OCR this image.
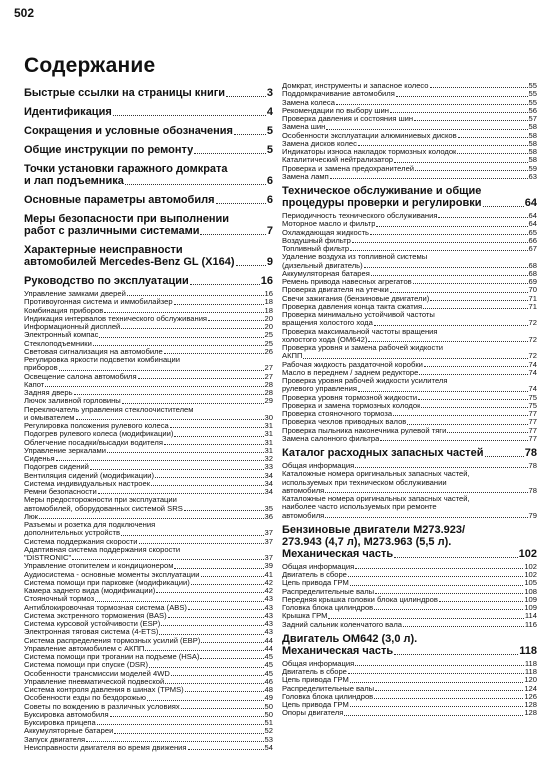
502
Содержание
Быстрые ссылки на страницы книги	3
Идентификация	4
Сокращения и условные обозначения	5
Общие инструкции по ремонту	5
Точки установки гаражного домкрата
и лап подъемника	6
Основные параметры автомобиля	6
Меры безопасности при выполнении
работ с различными системами	7
Характерные неисправности
автомобилей Mercedes-Benz GL (X164)	9
Руководство по эксплуатации	16
Управление замками дверей	16
Противоугонная система и иммобилайзер	18
Комбинация приборов	18
Индикация интервалов технического обслуживания	20
Информационный дисплей	20
Электронный компас	25
Стеклоподъемники	25
Световая сигнализация на автомобиле	26
Регулировка яркости подсветки комбинации
приборов	27
Освещение салона автомобиля	27
Капот	28
Задняя дверь	28
Лючок заливной горловины	29
Переключатель управления стеклоочистителем
и омывателем	30
Регулировка положения рулевого колеса	31
Подогрев рулевого колеса (модификации)	31
Облегчение посадки/высадки водителя	31
Управление зеркалами	31
Сиденья	32
Подогрев сидений	33
Вентиляция сидений (модификации)	34
Система индивидуальных настроек	34
Ремни безопасности	34
Меры предосторожности при эксплуатации
автомобилей, оборудованных системой SRS	35
Люк	36
Разъемы и розетка для подключения
дополнительных устройств	37
Система поддержания скорости	37
Адаптивная система поддержания скорости
"DISTRONIC"	37
Управление отопителем и кондиционером	39
Аудиосистема - основные моменты эксплуатации	41
Система помощи при парковке (модификации)	42
Камера заднего вида (модификации)	42
Стояночный тормоз	43
Антиблокировочная тормозная система (ABS)	43
Система экстренного торможения (BAS)	43
Система курсовой устойчивости (ESP)	43
Электронная тяговая система (4-ETS)	43
Система распределения тормозных усилий (EBP)	44
Управление автомобилем с АКПП	44
Система помощи при трогании на подъеме (HSA)	45
Система помощи при спуске (DSR)	45
Особенности трансмиссии моделей 4WD	45
Управление пневматической подвеской	46
Система контроля давления в шинах (TPMS)	48
Особенности езды по бездорожью	49
Советы по вождению в различных условиях	50
Буксировка автомобиля	50
Буксировка прицепа	51
Аккумуляторные батареи	52
Запуск двигателя	53
Неисправности двигателя во время движения	54
Домкрат, инструменты и запасное колесо	55
Поддомкрачивание автомобиля	55
Замена колеса	55
Рекомендации по выбору шин	56
Проверка давления и состояния шин	57
Замена шин	58
Особенности эксплуатации алюминиевых дисков	58
Замена дисков колес	58
Индикаторы износа накладок тормозных колодок	58
Каталитический нейтрализатор	58
Проверка и замена предохранителей	59
Замена ламп	63
Техническое обслуживание и общие
процедуры проверки и регулировки	64
Периодичность технического обслуживания	64
Моторное масло и фильтр	64
Охлаждающая жидкость	65
Воздушный фильтр	66
Топливный фильтр	67
Удаление воздуха из топливной системы
(дизельный двигатель)	68
Аккумуляторная батарея	68
Ремень привода навесных агрегатов	69
Проверка двигателя на утечки	70
Свечи зажигания (бензиновые двигатели)	71
Проверка давления конца такта сжатия	71
Проверка минимально устойчивой частоты
вращения холостого хода	72
Проверка максимальной частоты вращения
холостого хода (OM642)	72
Проверка уровня и замена рабочей жидкости
АКПП	72
Рабочая жидкость раздаточной коробки	74
Масло в переднем / заднем редукторе	74
Проверка уровня рабочей жидкости усилителя
рулевого управления	74
Проверка уровня тормозной жидкости	75
Проверка и замена тормозных колодок	75
Проверка стояночного тормоза	77
Проверка чехлов приводных валов	77
Проверка пыльника наконечника рулевой тяги	77
Замена салонного фильтра	77
Каталог расходных запасных частей	78
Общая информация	78
Каталожные номера оригинальных запасных частей,
используемых при техническом обслуживании
автомобиля	78
Каталожные номера оригинальных запасных частей,
наиболее часто используемых при ремонте
автомобиля	79
Бензиновые двигатели M273.923/
273.943 (4,7 л), M273.963 (5,5 л).
Механическая часть	102
Общая информация	102
Двигатель в сборе	102
Цепь привода ГРМ	105
Распределительные валы	108
Передняя крышка головки блока цилиндров	109
Головка блока цилиндров	109
Крышка ГРМ	114
Задний сальник коленчатого вала	116
Двигатель OM642 (3,0 л).
Механическая часть	118
Общая информация	118
Двигатель в сборе	118
Цепь привода ГРМ	120
Распределительные валы	124
Головка блока цилиндров	126
Цепь привода ГРМ	128
Опоры двигателя	128
